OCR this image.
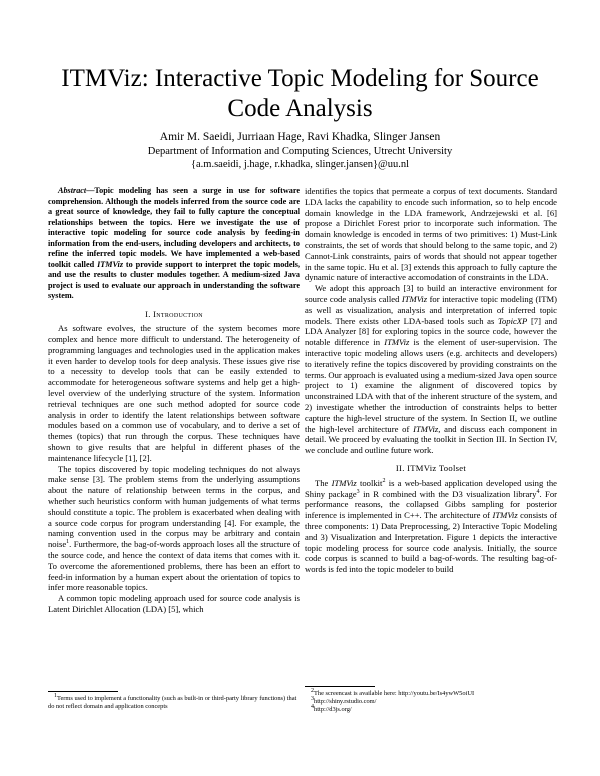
ITMViz: Interactive Topic Modeling for Source Code Analysis
Amir M. Saeidi, Jurriaan Hage, Ravi Khadka, Slinger Jansen
Department of Information and Computing Sciences, Utrecht University
{a.m.saeidi, j.hage, r.khadka, slinger.jansen}@uu.nl

Abstract—Topic modeling has seen a surge in use for software comprehension. Although the models inferred from the source code are a great source of knowledge, they fail to fully capture the conceptual relationships between the topics. Here we investigate the use of interactive topic modeling for source code analysis by feeding-in information from the end-users, including developers and architects, to refine the inferred topic models. We have implemented a web-based toolkit called ITMViz to provide support to interpret the topic models, and use the results to cluster modules together. A medium-sized Java project is used to evaluate our approach in understanding the software system.

I. Introduction

As software evolves, the structure of the system becomes more complex and hence more difficult to understand. The heterogeneity of programming languages and technologies used in the application makes it even harder to develop tools for deep analysis. These issues give rise to a necessity to develop tools that can be easily extended to accommodate for heterogeneous software systems and help get a high-level overview of the underlying structure of the system. Information retrieval techniques are one such method adopted for source code analysis in order to identify the latent relationships between software modules based on a common use of vocabulary, and to derive a set of themes (topics) that run through the corpus. These techniques have shown to give results that are helpful in different phases of the maintenance lifecycle [1], [2].

The topics discovered by topic modeling techniques do not always make sense [3]. The problem stems from the underlying assumptions about the nature of relationship between terms in the corpus, and whether such heuristics conform with human judgements of what terms should constitute a topic. The problem is exacerbated when dealing with a source code corpus for program understanding [4]. For example, the naming convention used in the corpus may be arbitrary and contain noise$^1$. Furthermore, the bag-of-words approach loses all the structure of the source code, and hence the context of data items that comes with it. To overcome the aforementioned problems, there has been an effort to feed-in information by a human expert about the orientation of topics to infer more reasonable topics.

A common topic modeling approach used for source code analysis is Latent Dirichlet Allocation (LDA) [5], which

$^1$Terms used to implement a functionality (such as built-in or third-party library functions) that do not reflect domain and application concepts

identifies the topics that permeate a corpus of text documents. Standard LDA lacks the capability to encode such information, so to help encode domain knowledge in the LDA framework, Andrzejewski et al. [6] propose a Dirichlet Forest prior to incorporate such information. The domain knowledge is encoded in terms of two primitives: 1) Must-Link constraints, the set of words that should belong to the same topic, and 2) Cannot-Link constraints, pairs of words that should not appear together in the same topic. Hu et al. [3] extends this approach to fully capture the dynamic nature of interactive accomodation of constraints in the LDA.

We adopt this approach [3] to build an interactive environment for source code analysis called ITMViz for interactive topic modeling (ITM) as well as visualization, analysis and interpretation of inferred topic models. There exists other LDA-based tools such as TopicXP [7] and LDA Analyzer [8] for exploring topics in the source code, however the notable difference in ITMViz is the element of user-supervision. The interactive topic modeling allows users (e.g. architects and developers) to iteratively refine the topics discovered by providing constraints on the terms. Our approach is evaluated using a medium-sized Java open source project to 1) examine the alignment of discovered topics by unconstrained LDA with that of the inherent structure of the system, and 2) investigate whether the introduction of constraints helps to better capture the high-level structure of the system. In Section II, we outline the high-level architecture of ITMViz, and discuss each component in detail. We proceed by evaluating the toolkit in Section III. In Section IV, we conclude and outline future work.

II. ITMViz Toolset

The ITMViz toolkit$^2$ is a web-based application developed using the Shiny package$^3$ in R combined with the D3 visualization library$^4$. For performance reasons, the collapsed Gibbs sampling for posterior inference is implemented in C++. The architecture of ITMViz consists of three components: 1) Data Preprocessing, 2) Interactive Topic Modeling and 3) Visualization and Interpretation. Figure 1 depicts the interactive topic modeling process for source code analysis. Initially, the source code corpus is scanned to build a bag-of-words. The resulting bag-of-words is fed into the topic modeler to build

$^2$The screencast is available here: http://youtu.be/Is4ywW5oiUI

$^3$http://shiny.rstudio.com/

$^4$http://d3js.org/
